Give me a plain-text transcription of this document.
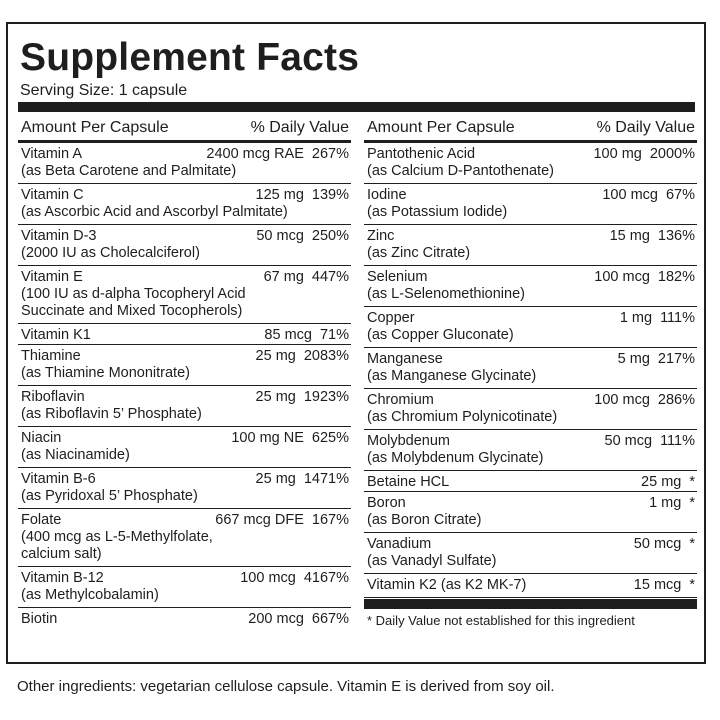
Supplement Facts
Serving Size: 1 capsule
Amount Per Capsule	% Daily Value
Vitamin A	2400 mcg RAE 267%
(as Beta Carotene and Palmitate)
Vitamin C	125 mg 139%
(as Ascorbic Acid and Ascorbyl Palmitate)
Vitamin D-3	50 mcg 250%
(2000 IU as Cholecalciferol)
Vitamin E	67 mg 447%
(100 IU as d-alpha Tocopheryl Acid
Succinate and Mixed Tocopherols)
Vitamin K1	85 mcg 71%
Thiamine	25 mg 2083%
(as Thiamine Mononitrate)
Riboflavin	25 mg 1923%
(as Riboflavin 5’ Phosphate)
Niacin	100 mg NE 625%
(as Niacinamide)
Vitamin B-6	25 mg 1471%
(as Pyridoxal 5’ Phosphate)
Folate	667 mcg DFE 167%
(400 mcg as L-5-Methylfolate,
calcium salt)
Vitamin B-12	100 mcg 4167%
(as Methylcobalamin)
Biotin	200 mcg 667%
Amount Per Capsule	% Daily Value
Pantothenic Acid	100 mg 2000%
(as Calcium D-Pantothenate)
Iodine	100 mcg 67%
(as Potassium Iodide)
Zinc	15 mg 136%
(as Zinc Citrate)
Selenium	100 mcg 182%
(as L-Selenomethionine)
Copper	1 mg 111%
(as Copper Gluconate)
Manganese	5 mg 217%
(as Manganese Glycinate)
Chromium	100 mcg 286%
(as Chromium Polynicotinate)
Molybdenum	50 mcg 111%
(as Molybdenum Glycinate)
Betaine HCL	25 mg *
Boron	1 mg *
(as Boron Citrate)
Vanadium	50 mcg *
(as Vanadyl Sulfate)
Vitamin K2 (as K2 MK-7)	15 mcg *
* Daily Value not established for this ingredient
Other ingredients: vegetarian cellulose capsule. Vitamin E is derived from soy oil.
